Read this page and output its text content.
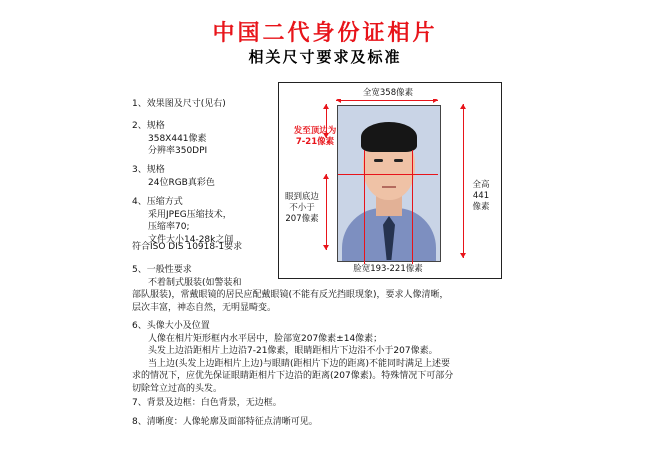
中国二代身份证相片
相关尺寸要求及标准
1、效果图及尺寸(见右)
2、规格
358X441像素
分辨率350DPI
3、规格
24位RGB真彩色
4、压缩方式
采用JPEG压缩技术，
压缩率70;
文件大小14-28k之间
符合ISO DIS 10918-1要求
5、一般性要求
不着制式服装(如警装和
部队服装)，常戴眼镜的居民应配戴眼镜(不能有反光挡眼现象)，要求人像清晰，
层次丰富，神态自然，无明显畸变。
6、头像大小及位置
人像在相片矩形框内水平居中，脸部宽207像素±14像素；
头发上边沿距相片上边沿7-21像素，眼睛距相片下边沿不小于207像素。
当上边(头发上边距相片上边)与眼睛(距相片下边的距离)不能同时满足上述要
求的情况下，应优先保证眼睛距相片下边沿的距离(207像素)。特殊情况下可部分
切除耸立过高的头发。
7、背景及边框：白色背景，无边框。
8、清晰度：人像轮廓及面部特征点清晰可见。
全宽358像素
发至顶边为
7-21像素
眼到底边
不小于
207像素
全高
441
像素
脸宽193-221像素
